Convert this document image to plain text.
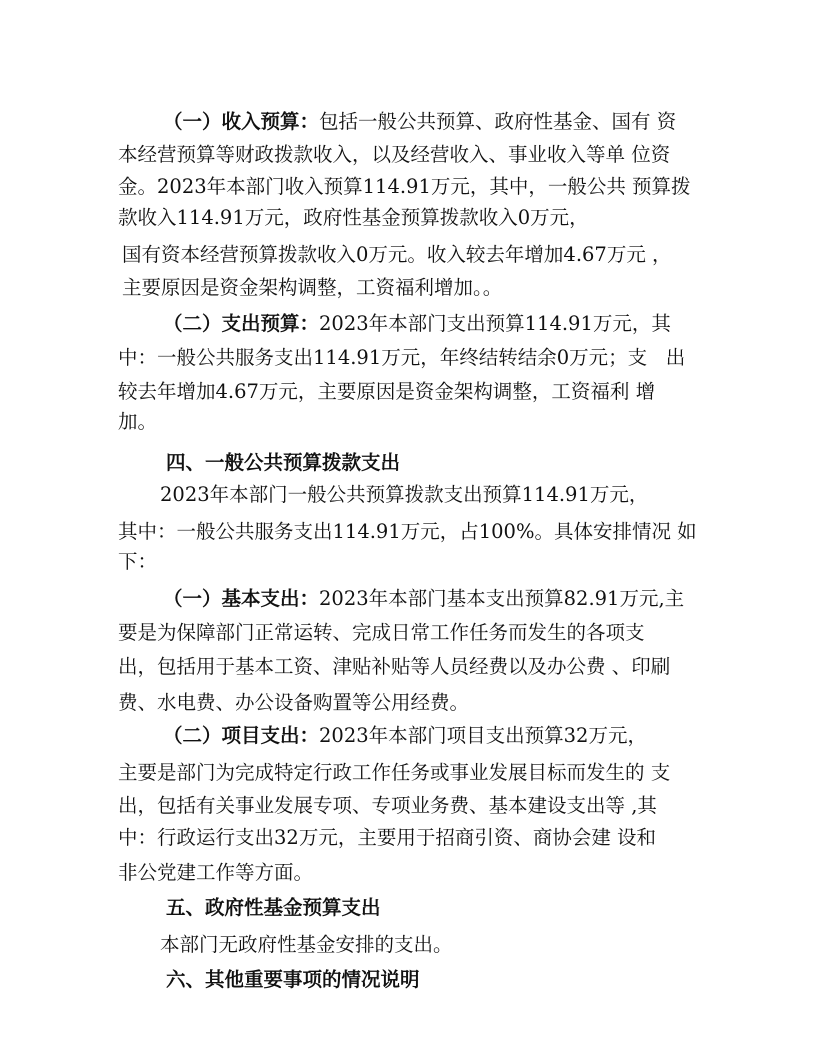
（一）收入预算：包括一般公共预算、政府性基金、国有 资
本经营预算等财政拨款收入，以及经营收入、事业收入等单 位资
金。2023年本部门收入预算114.91万元，其中，一般公共 预算拨
款收入114.91万元，政府性基金预算拨款收入0万元，
国有资本经营预算拨款收入0万元。收入较去年增加4.67万元 ，
主要原因是资金架构调整，工资福利增加。。
（二）支出预算：2023年本部门支出预算114.91万元，其
中：一般公共服务支出114.91万元，年终结转结余0万元；支   出
较去年增加4.67万元，主要原因是资金架构调整，工资福利 增
加。
四、一般公共预算拨款支出
2023年本部门一般公共预算拨款支出预算114.91万元，
其中：一般公共服务支出114.91万元，占100%。具体安排情况 如
下：
（一）基本支出：2023年本部门基本支出预算82.91万元,主
要是为保障部门正常运转、完成日常工作任务而发生的各项支
出，包括用于基本工资、津贴补贴等人员经费以及办公费 、印刷
费、水电费、办公设备购置等公用经费。
（二）项目支出：2023年本部门项目支出预算32万元，
主要是部门为完成特定行政工作任务或事业发展目标而发生的 支
出，包括有关事业发展专项、专项业务费、基本建设支出等 ,其
中：行政运行支出32万元，主要用于招商引资、商协会建 设和
非公党建工作等方面。
五、政府性基金预算支出
本部门无政府性基金安排的支出。
六、其他重要事项的情况说明
